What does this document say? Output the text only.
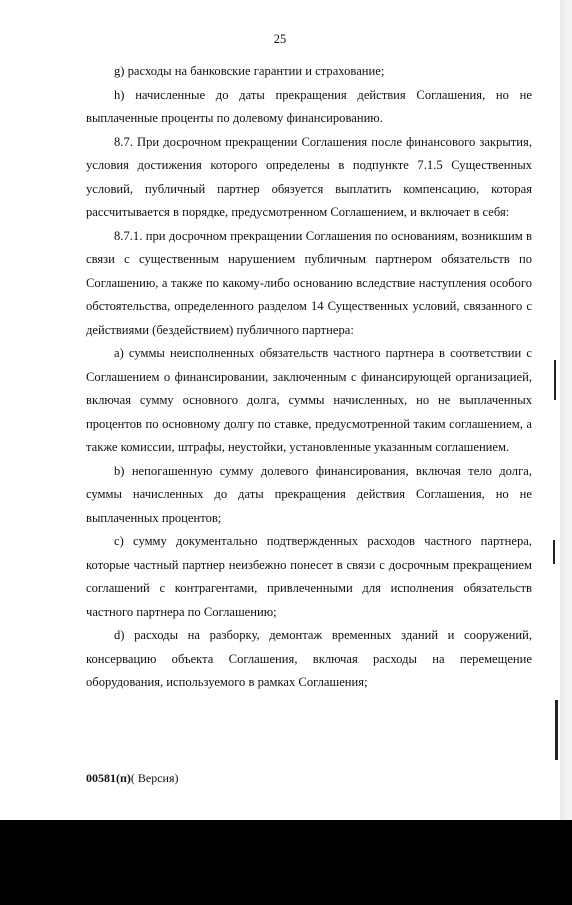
25

g) расходы на банковские гарантии и страхование;

h) начисленные до даты прекращения действия Соглашения, но не выплаченные проценты по долевому финансированию.

8.7. При досрочном прекращении Соглашения после финансового закрытия, условия достижения которого определены в подпункте 7.1.5 Существенных условий, публичный партнер обязуется выплатить компенсацию, которая рассчитывается в порядке, предусмотренном Соглашением, и включает в себя:

8.7.1. при досрочном прекращении Соглашения по основаниям, возникшим в связи с существенным нарушением публичным партнером обязательств по Соглашению, а также по какому-либо основанию вследствие наступления особого обстоятельства, определенного разделом 14 Существенных условий, связанного с действиями (бездействием) публичного партнера:

а) суммы неисполненных обязательств частного партнера в соответствии с Соглашением о финансировании, заключенным с финансирующей организацией, включая сумму основного долга, суммы начисленных, но не выплаченных процентов по основному долгу по ставке, предусмотренной таким соглашением, а также комиссии, штрафы, неустойки, установленные указанным соглашением.

b) непогашенную сумму долевого финансирования, включая тело долга, суммы начисленных до даты прекращения действия Соглашения, но не выплаченных процентов;

c) сумму документально подтвержденных расходов частного партнера, которые частный партнер неизбежно понесет в связи с досрочным прекращением соглашений с контрагентами, привлеченными для исполнения обязательств частного партнера по Соглашению;

d) расходы на разборку, демонтаж временных зданий и сооружений, консервацию объекта Соглашения, включая расходы на перемещение оборудования, используемого в рамках Соглашения;

00581(п)( Версия)
